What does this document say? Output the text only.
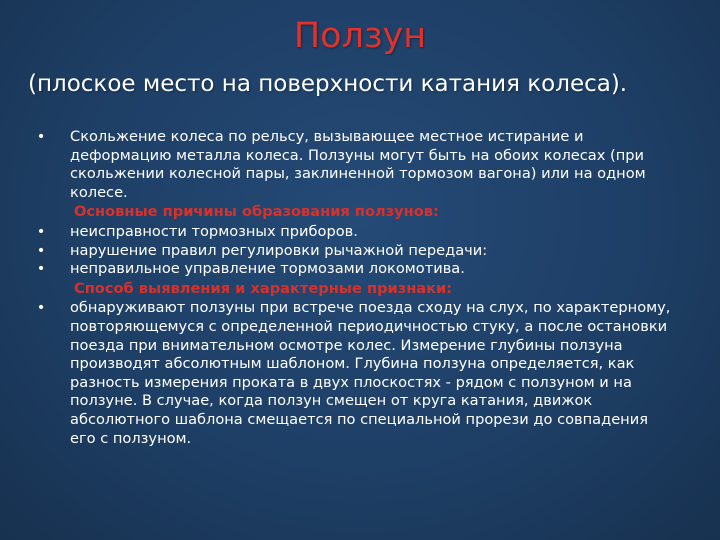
Ползун
(плоское место на поверхности катания колеса).
• Скольжение колеса по рельсу, вызывающее местное истирание и деформацию металла колеса. Ползуны могут быть на обоих колесах (при скольжении колесной пары, заклиненной тормозом вагона) или на одном колесе.
Основные причины образования ползунов:
• неисправности тормозных приборов.
• нарушение правил регулировки рычажной передачи:
• неправильное управление тормозами локомотива.
Способ выявления и характерные признаки:
• обнаруживают ползуны при встрече поезда сходу на слух, по характерному, повторяющемуся с определенной периодичностью стуку, а после остановки поезда при внимательном осмотре колес. Измерение глубины ползуна производят абсолютным шаблоном. Глубина ползуна определяется, как разность измерения проката в двух плоскостях - рядом с ползуном и на ползуне. В случае, когда ползун смещен от круга катания, движок абсолютного шаблона смещается по специальной прорези до совпадения его с ползуном.
